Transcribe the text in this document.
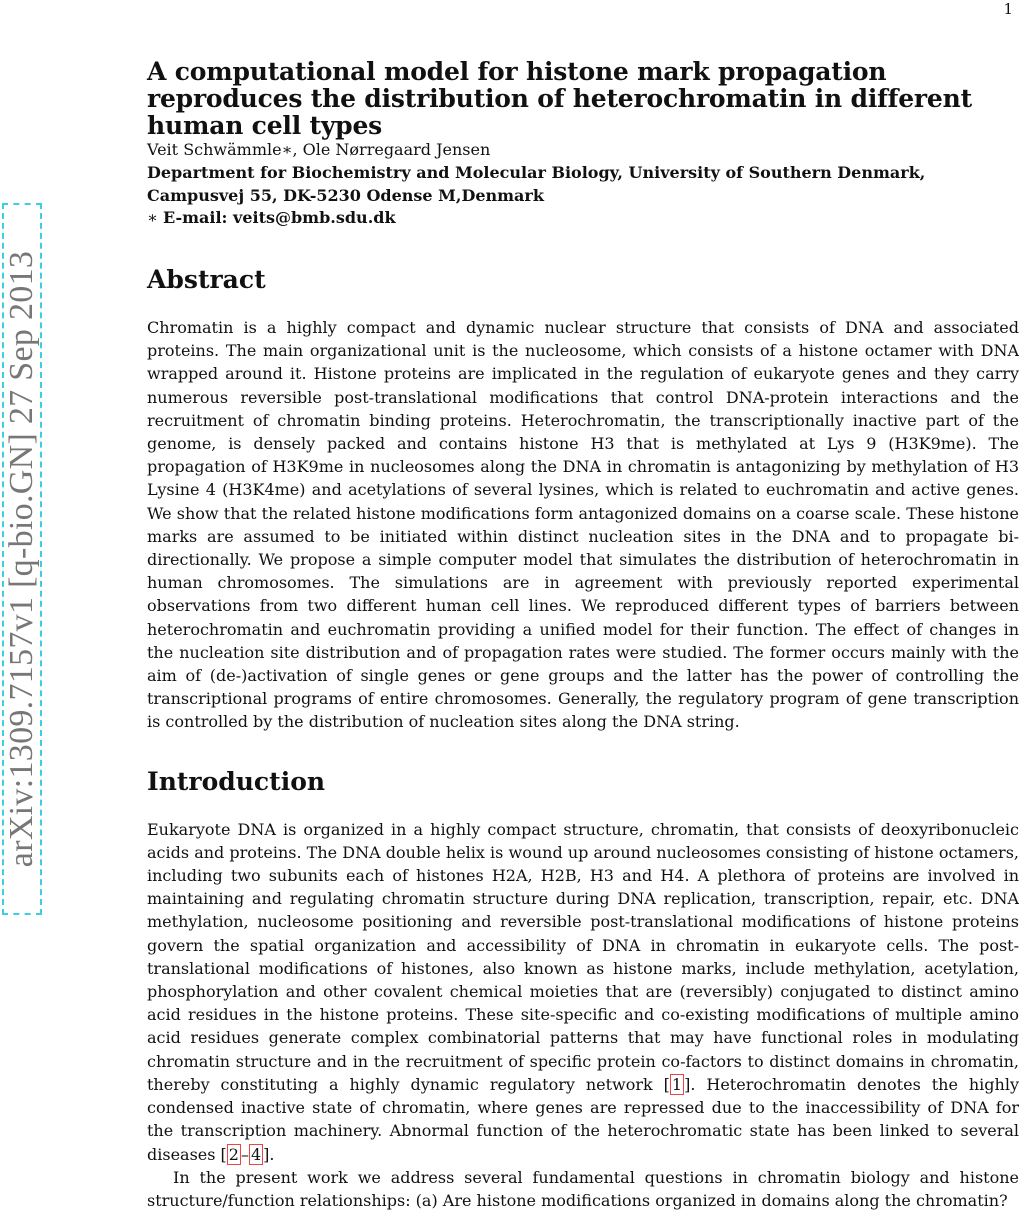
1
arXiv:1309.7157v1 [q-bio.GN] 27 Sep 2013
A computational model for histone mark propagation reproduces the distribution of heterochromatin in different human cell types
Veit Schwämmle∗, Ole Nørregaard Jensen
Department for Biochemistry and Molecular Biology, University of Southern Denmark, Campusvej 55, DK-5230 Odense M,Denmark
∗ E-mail: veits@bmb.sdu.dk
Abstract

Chromatin is a highly compact and dynamic nuclear structure that consists of DNA and associated proteins. The main organizational unit is the nucleosome, which consists of a histone octamer with DNA wrapped around it. Histone proteins are implicated in the regulation of eukaryote genes and they carry numerous reversible post-translational modifications that control DNA-protein interactions and the recruitment of chromatin binding proteins. Heterochromatin, the transcriptionally inactive part of the genome, is densely packed and contains histone H3 that is methylated at Lys 9 (H3K9me). The propagation of H3K9me in nucleosomes along the DNA in chromatin is antagonizing by methylation of H3 Lysine 4 (H3K4me) and acetylations of several lysines, which is related to euchromatin and active genes. We show that the related histone modifications form antagonized domains on a coarse scale. These histone marks are assumed to be initiated within distinct nucleation sites in the DNA and to propagate bi-directionally. We propose a simple computer model that simulates the distribution of heterochromatin in human chromosomes. The simulations are in agreement with previously reported experimental observations from two different human cell lines. We reproduced different types of barriers between heterochromatin and euchromatin providing a unified model for their function. The effect of changes in the nucleation site distribution and of propagation rates were studied. The former occurs mainly with the aim of (de-)activation of single genes or gene groups and the latter has the power of controlling the transcriptional programs of entire chromosomes. Generally, the regulatory program of gene transcription is controlled by the distribution of nucleation sites along the DNA string.

Introduction

Eukaryote DNA is organized in a highly compact structure, chromatin, that consists of deoxyribonucleic acids and proteins. The DNA double helix is wound up around nucleosomes consisting of histone octamers, including two subunits each of histones H2A, H2B, H3 and H4. A plethora of proteins are involved in maintaining and regulating chromatin structure during DNA replication, transcription, repair, etc. DNA methylation, nucleosome positioning and reversible post-translational modifications of histone proteins govern the spatial organization and accessibility of DNA in chromatin in eukaryote cells. The post-translational modifications of histones, also known as histone marks, include methylation, acetylation, phosphorylation and other covalent chemical moieties that are (reversibly) conjugated to distinct amino acid residues in the histone proteins. These site-specific and co-existing modifications of multiple amino acid residues generate complex combinatorial patterns that may have functional roles in modulating chromatin structure and in the recruitment of specific protein co-factors to distinct domains in chromatin, thereby constituting a highly dynamic regulatory network [ 1 ]. Heterochromatin denotes the highly condensed inactive state of chromatin, where genes are repressed due to the inaccessibility of DNA for the transcription machinery. Abnormal function of the heterochromatic state has been linked to several diseases [ 2 – 4 ].

In the present work we address several fundamental questions in chromatin biology and histone structure/function relationships: (a) Are histone modifications organized in domains along the chromatin?
